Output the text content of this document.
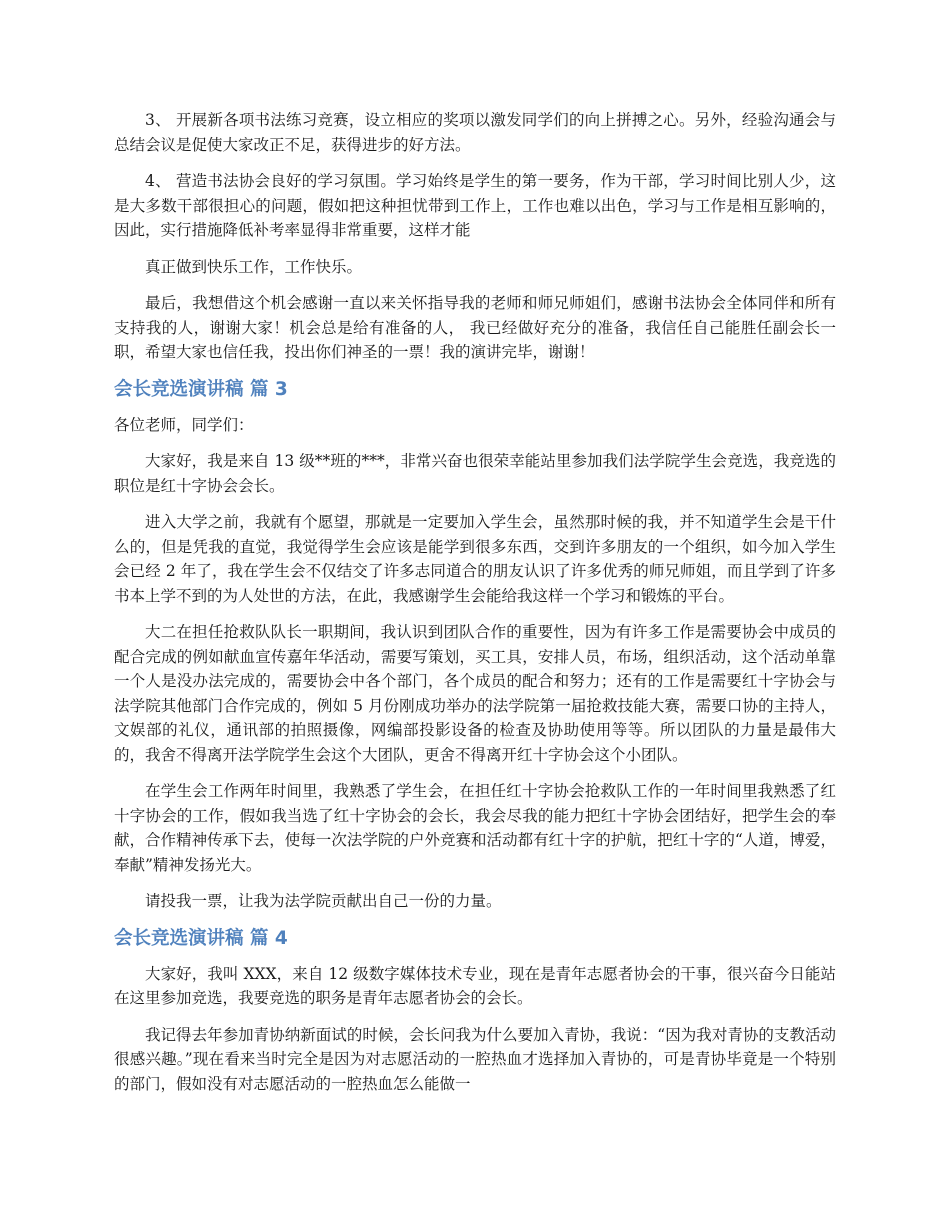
3、 开展新各项书法练习竞赛，设立相应的奖项以激发同学们的向上拼搏之心。另外，经验沟通会与总结会议是促使大家改正不足，获得进步的好方法。

4、 营造书法协会良好的学习氛围。学习始终是学生的第一要务，作为干部，学习时间比别人少，这是大多数干部很担心的问题，假如把这种担忧带到工作上，工作也难以出色，学习与工作是相互影响的，因此，实行措施降低补考率显得非常重要，这样才能

真正做到快乐工作，工作快乐。

最后，我想借这个机会感谢一直以来关怀指导我的老师和师兄师姐们，感谢书法协会全体同伴和所有支持我的人，谢谢大家！机会总是给有准备的人， 我已经做好充分的准备，我信任自己能胜任副会长一职，希望大家也信任我，投出你们神圣的一票！我的演讲完毕，谢谢！

会长竞选演讲稿 篇 3

各位老师，同学们：

大家好，我是来自 13 级**班的***，非常兴奋也很荣幸能站里参加我们法学院学生会竞选，我竞选的职位是红十字协会会长。

进入大学之前，我就有个愿望，那就是一定要加入学生会，虽然那时候的我，并不知道学生会是干什么的，但是凭我的直觉，我觉得学生会应该是能学到很多东西，交到许多朋友的一个组织，如今加入学生会已经 2 年了，我在学生会不仅结交了许多志同道合的朋友认识了许多优秀的师兄师姐，而且学到了许多书本上学不到的为人处世的方法，在此，我感谢学生会能给我这样一个学习和锻炼的平台。

大二在担任抢救队队长一职期间，我认识到团队合作的重要性，因为有许多工作是需要协会中成员的配合完成的例如献血宣传嘉年华活动，需要写策划，买工具，安排人员，布场，组织活动，这个活动单靠一个人是没办法完成的，需要协会中各个部门，各个成员的配合和努力；还有的工作是需要红十字协会与法学院其他部门合作完成的，例如 5 月份刚成功举办的法学院第一届抢救技能大赛，需要口协的主持人，文娱部的礼仪，通讯部的拍照摄像，网编部投影设备的检查及协助使用等等。所以团队的力量是最伟大的，我舍不得离开法学院学生会这个大团队，更舍不得离开红十字协会这个小团队。

在学生会工作两年时间里，我熟悉了学生会，在担任红十字协会抢救队工作的一年时间里我熟悉了红十字协会的工作，假如我当选了红十字协会的会长，我会尽我的能力把红十字协会团结好，把学生会的奉献，合作精神传承下去，使每一次法学院的户外竞赛和活动都有红十字的护航，把红十字的“人道，博爱，奉献”精神发扬光大。

请投我一票，让我为法学院贡献出自己一份的力量。

会长竞选演讲稿 篇 4

大家好，我叫 XXX，来自 12 级数字媒体技术专业，现在是青年志愿者协会的干事，很兴奋今日能站在这里参加竞选，我要竞选的职务是青年志愿者协会的会长。

我记得去年参加青协纳新面试的时候，会长问我为什么要加入青协，我说：“因为我对青协的支教活动很感兴趣。”现在看来当时完全是因为对志愿活动的一腔热血才选择加入青协的，可是青协毕竟是一个特别的部门，假如没有对志愿活动的一腔热血怎么能做一
